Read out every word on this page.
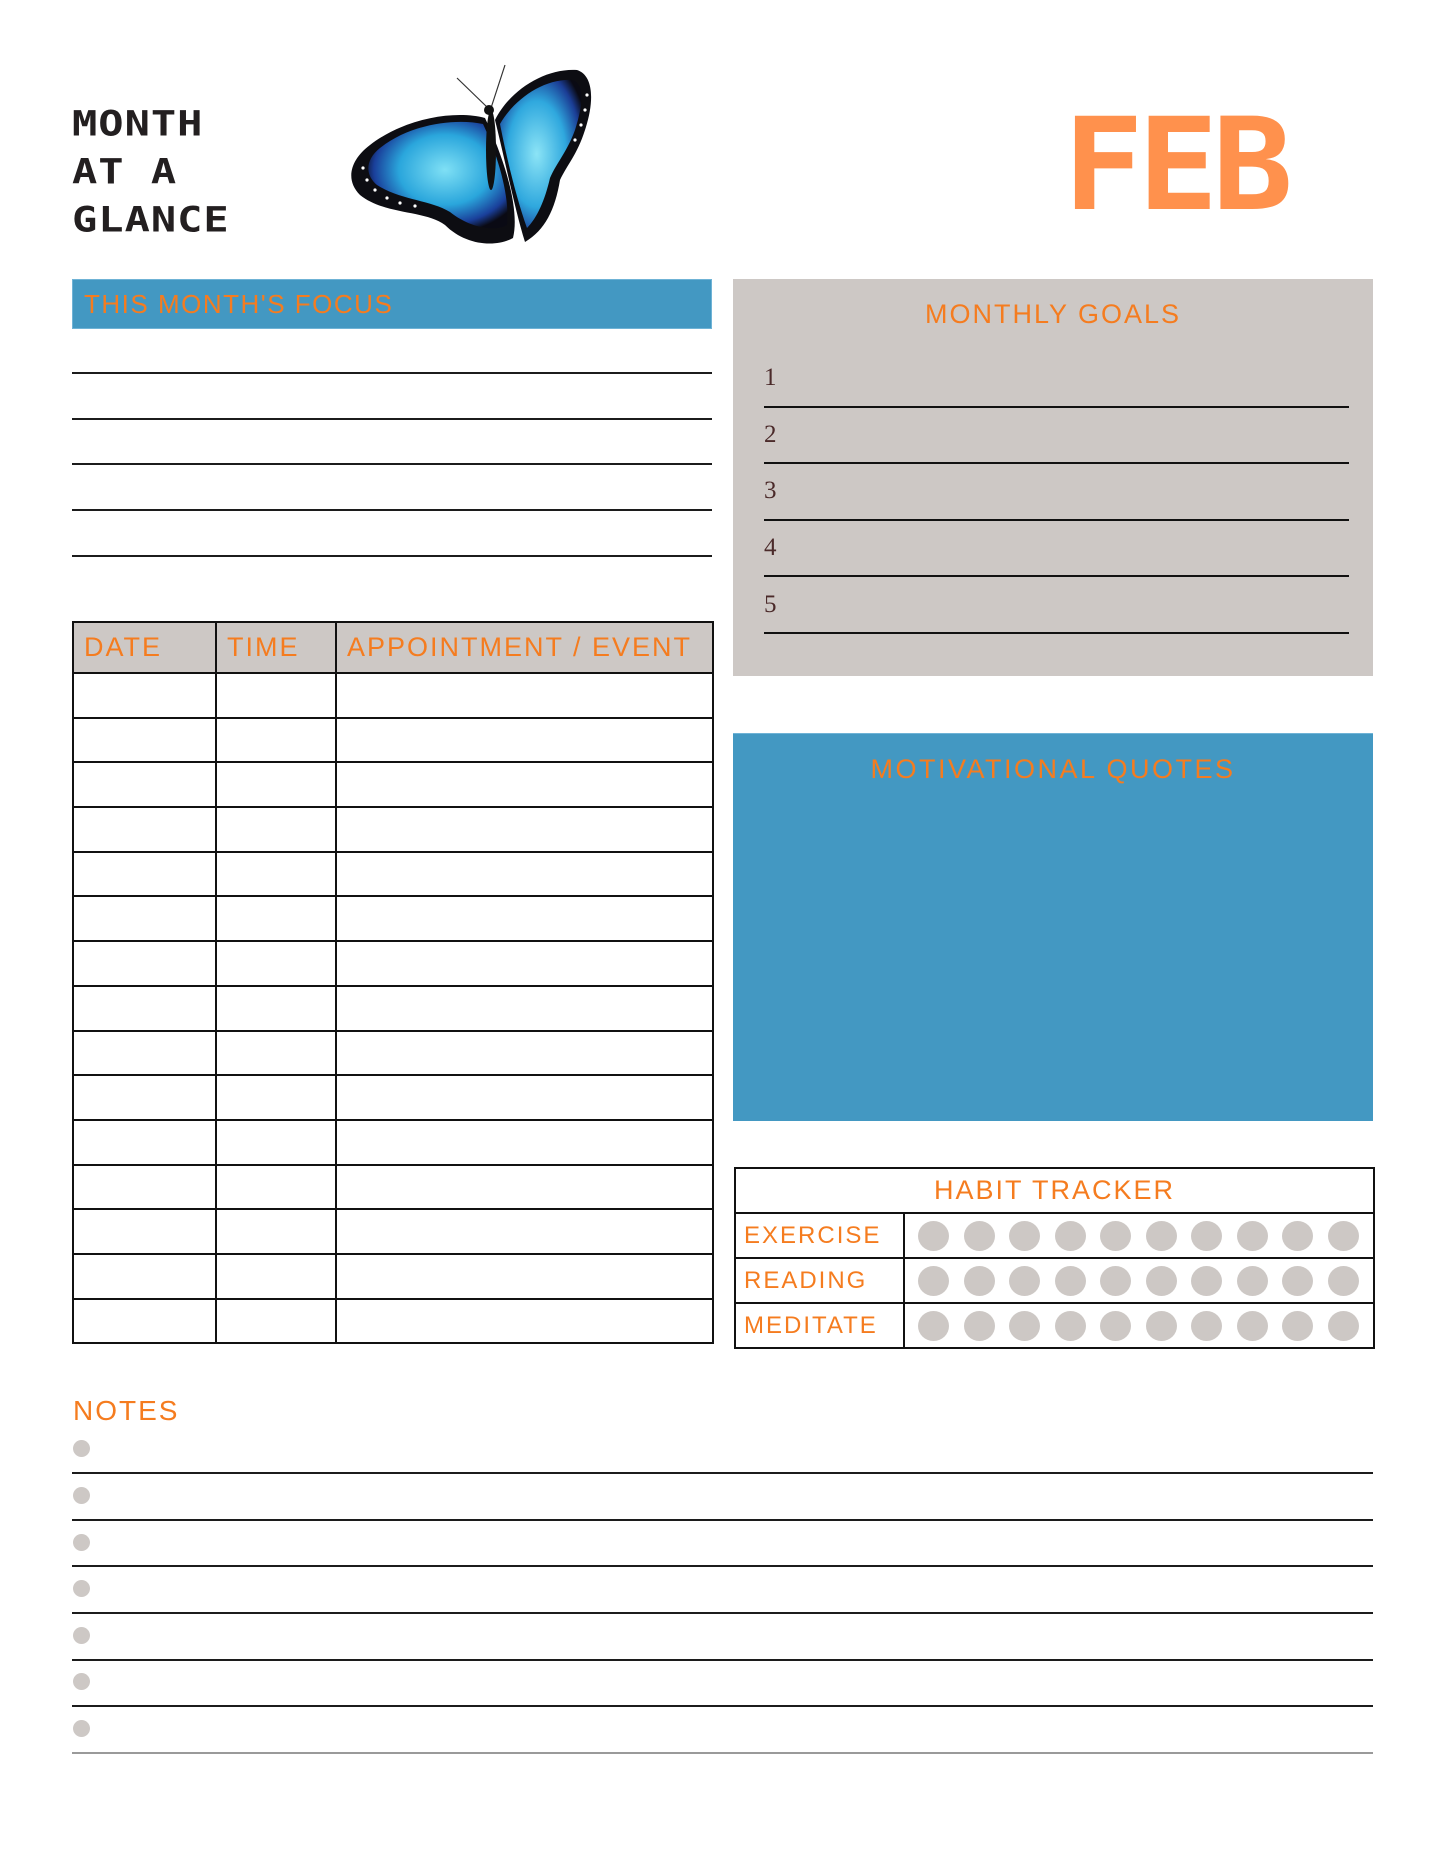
MONTH
AT A
GLANCE	FEB
THIS MONTH'S FOCUS	MONTHLY GOALS
1
2
3
4
5
DATE	TIME	APPOINTMENT / EVENT

MOTIVATIONAL QUOTES
HABIT TRACKER	
EXERCISE	

READING	

MEDITATE	
NOTES
